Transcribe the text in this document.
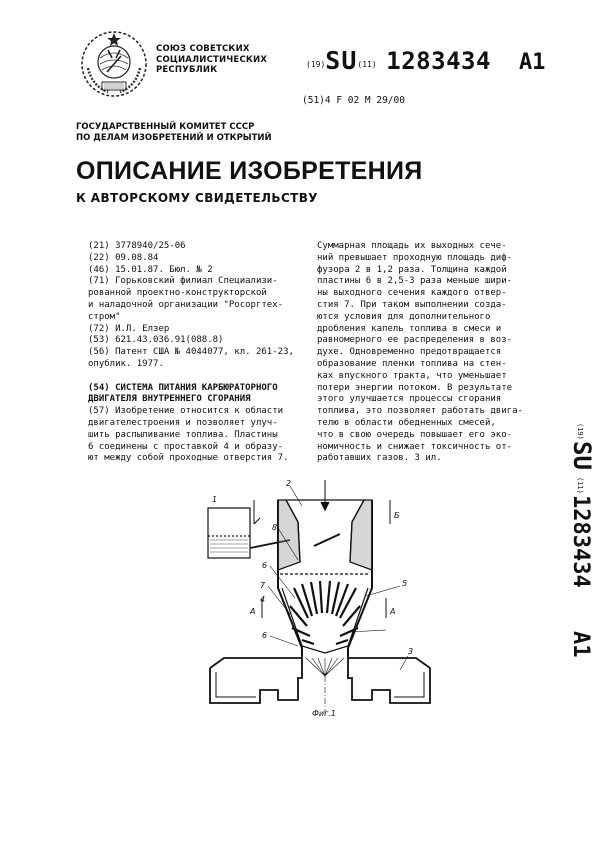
СОЮЗ СОВЕТСКИХ
СОЦИАЛИСТИЧЕСКИХ
РЕСПУБЛИК
(19)SU(11) 1283434 A1
(51)4 F 02 M 29/00
ГОСУДАРСТВЕННЫЙ КОМИТЕТ СССР
ПО ДЕЛАМ ИЗОБРЕТЕНИЙ И ОТКРЫТИЙ
ОПИСАНИЕ ИЗОБРЕТЕНИЯ
К АВТОРСКОМУ СВИДЕТЕЛЬСТВУ
(21) 3778940/25-06
(22) 09.08.84
(46) 15.01.87. Бюл. № 2
(71) Горьковский филиал Специализи-
рованной проектно-конструкторской
и наладочной организации "Росоргтех-
стром"
(72) И.Л. Елзер
(53) 621.43.036.91(088.8)
(56) Патент США № 4044077, кл. 261-23,
опублик. 1977.
(54) СИСТЕМА ПИТАНИЯ КАРБЮРАТОРНОГО
ДВИГАТЕЛЯ ВНУТРЕННЕГО СГОРАНИЯ
(57) Изобретение относится к области
двигателестроения и позволяет улуч-
шить распыливание топлива. Пластины
6 соединены с проставкой 4 и образу-
ют между собой проходные отверстия 7.
Суммарная площадь их выходных сече-
ний превышает проходную площадь диф-
фузора 2 в 1,2 раза. Толщина каждой
пластины 6 в 2,5-3 раза меньше шири-
ны выходного сечения каждого отвер-
стия 7. При таком выполнении созда-
ются условия для дополнительного
дробления капель топлива в смеси и
равномерного ее распределения в воз-
духе. Одновременно предотвращается
образование пленки топлива на стен-
ках впускного тракта, что уменьшает
потери энергии потоком. В результате
этого улучшается процессы сгорания
топлива, это позволяет работать двига-
телю в области обедненных смесей,
что в свою очередь повышает его эко-
номичность и снижает токсичность от-
работавших газов. 3 ил.
(19)
SU
(11)
1283434
A1
1
2
8
6
5
7
4
6
3
Б
A	A
Фиг.1
